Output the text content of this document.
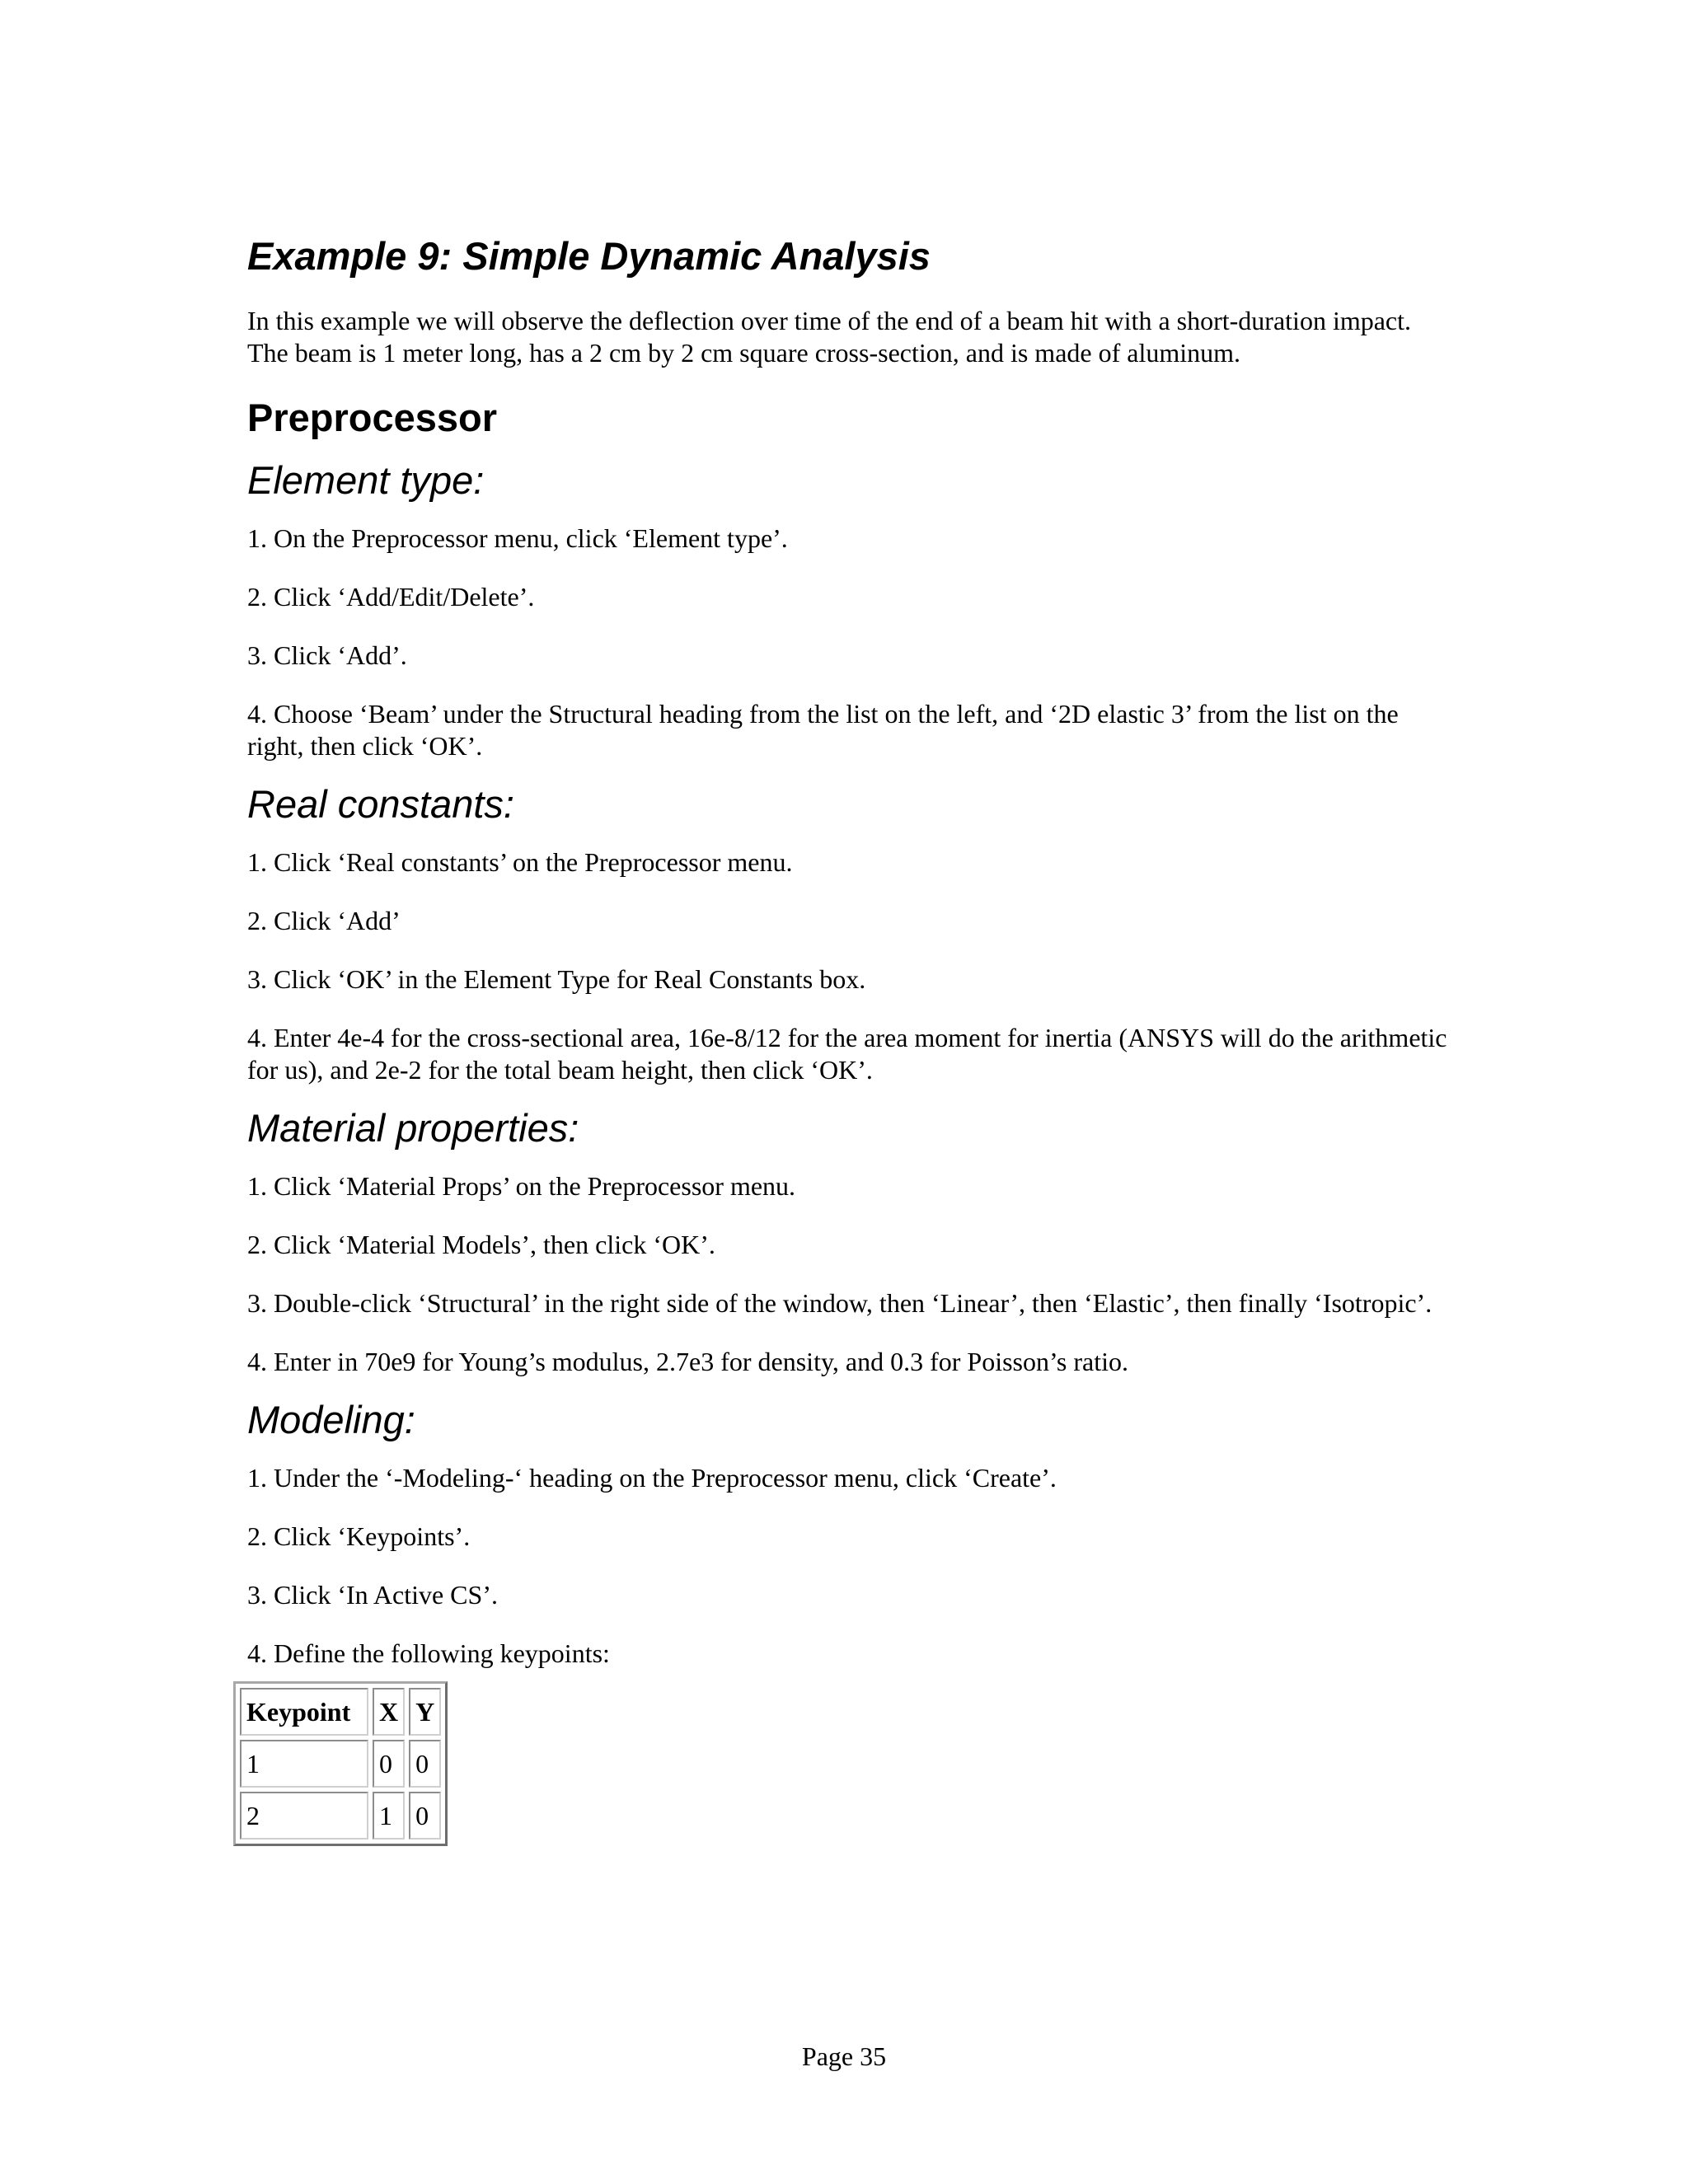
Example 9: Simple Dynamic Analysis

In this example we will observe the deflection over time of the end of a beam hit with a short-duration impact. The beam is 1 meter long, has a 2 cm by 2 cm square cross-section, and is made of aluminum.

Preprocessor
Element type:

1. On the Preprocessor menu, click ‘Element type’.

2. Click ‘Add/Edit/Delete’.

3. Click ‘Add’.

4. Choose ‘Beam’ under the Structural heading from the list on the left, and ‘2D elastic 3’ from the list on the right, then click ‘OK’.

Real constants:

1. Click ‘Real constants’ on the Preprocessor menu.

2. Click ‘Add’

3. Click ‘OK’ in the Element Type for Real Constants box.

4. Enter 4e-4 for the cross-sectional area, 16e-8/12 for the area moment for inertia (ANSYS will do the arithmetic for us), and 2e-2 for the total beam height, then click ‘OK’.

Material properties:

1. Click ‘Material Props’ on the Preprocessor menu.

2. Click ‘Material Models’, then click ‘OK’.

3. Double-click ‘Structural’ in the right side of the window, then ‘Linear’, then ‘Elastic’, then finally ‘Isotropic’.

4. Enter in 70e9 for Young’s modulus, 2.7e3 for density, and 0.3 for Poisson’s ratio.

Modeling:

1. Under the ‘-Modeling-‘ heading on the Preprocessor menu, click ‘Create’.

2. Click ‘Keypoints’.

3. Click ‘In Active CS’.

4. Define the following keypoints:

Keypoint	X	Y
1	0	0
2	1	0
Page 35
